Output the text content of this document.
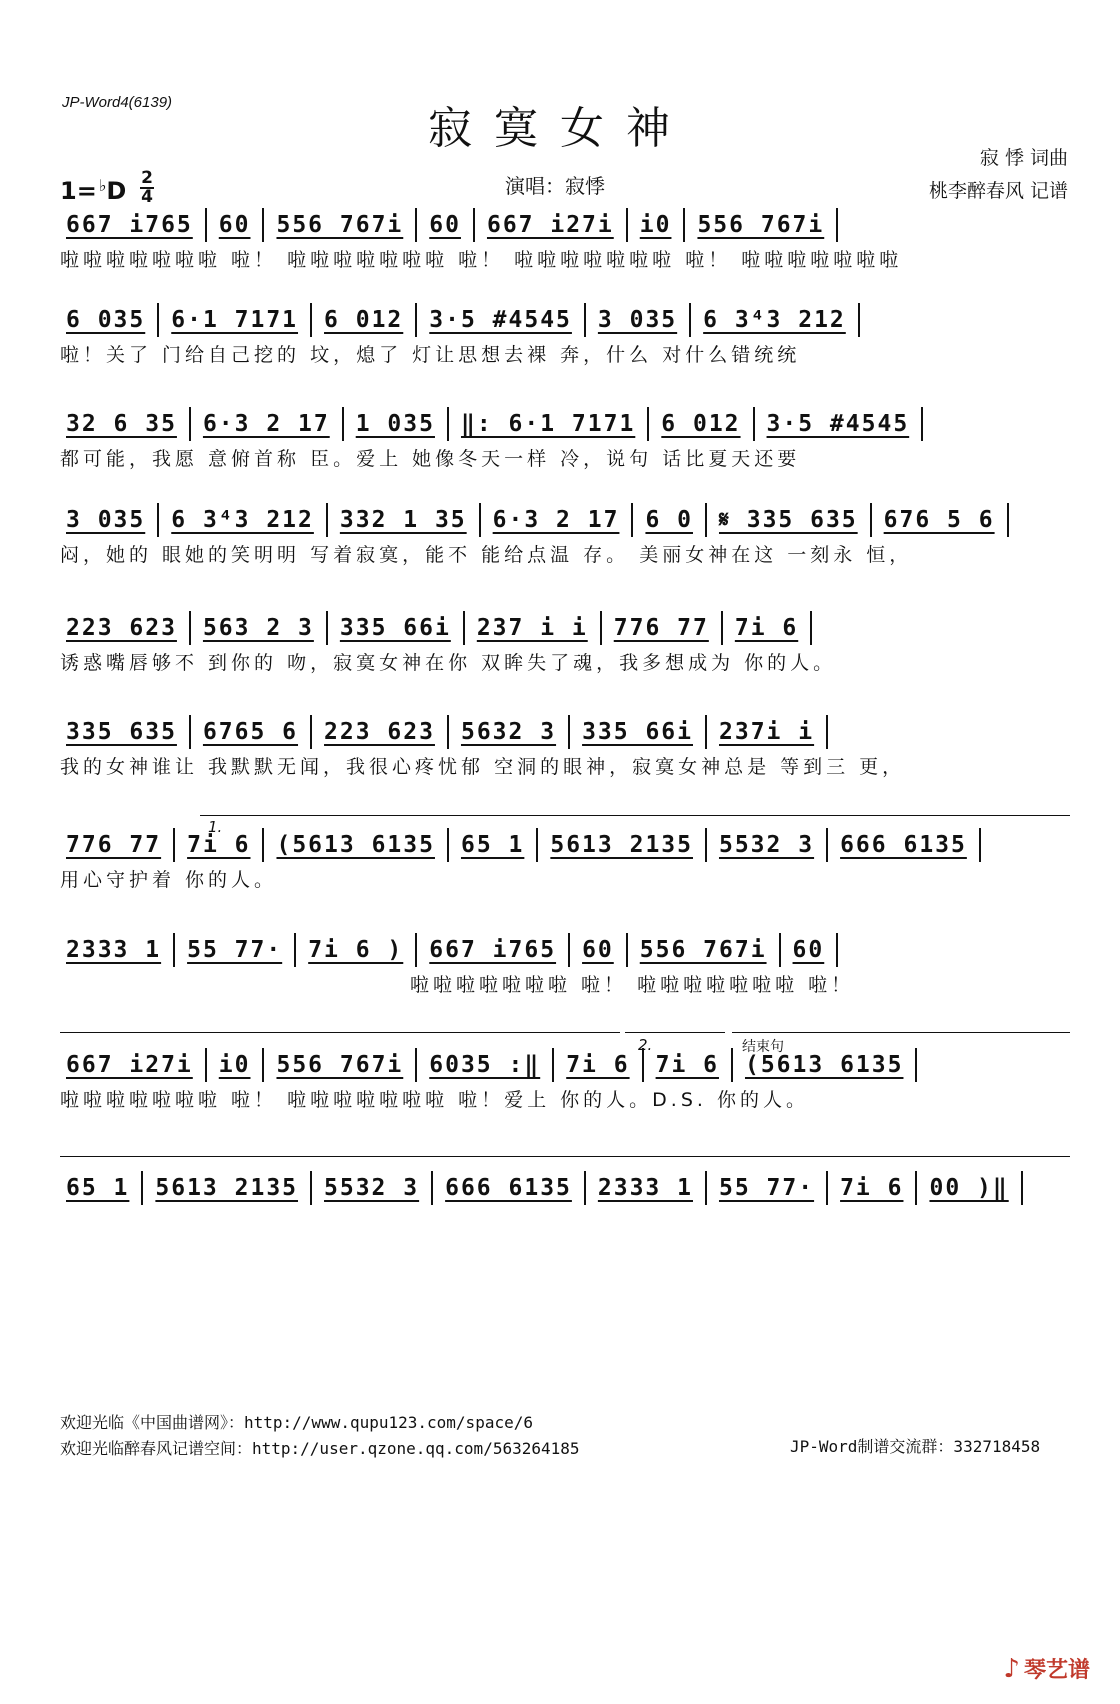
JP-Word4(6139)
寂寞女神
1= ♭D 2
4	演唱：寂悸
寂 悸 词曲
桃李醉春风 记谱
667 i765 60 556 767i 60 667 i27i i0 556 767i
啦啦啦啦啦啦啦 啦！ 啦啦啦啦啦啦啦 啦！ 啦啦啦啦啦啦啦 啦！ 啦啦啦啦啦啦啦
6 035 6·1 7171 6 012 3·5 #4545 3 035 6 3⁴3 212
啦！关了 门给自己挖的 坟，熄了 灯让思想去裸 奔，什么 对什么错统统
32 6 35 6·3 2 17 1 035 ‖: 6·1 7171 6 012 3·5 #4545
都可能，我愿 意俯首称 臣。爱上 她像冬天一样 冷，说句 话比夏天还要
3 035 6 3⁴3 212 332 1 35 6·3 2 17 6 0 𝄋 335 635 676 5 6
闷，她的 眼她的笑明明 写着寂寞，能不 能给点温 存。 美丽女神在这 一刻永 恒，
223 623 563 2 3 335 66i 237 i i 776 77 7i 6
诱惑嘴唇够不 到你的 吻，寂寞女神在你 双眸失了魂，我多想成为 你的人。
335 635 6765 6 223 623 5632 3 335 66i 237i i
我的女神谁让 我默默无闻，我很心疼忧郁 空洞的眼神，寂寞女神总是 等到三 更，
776 77 7i 6 (5613 6135 65 1 5613 2135 5532 3 666 6135
用心守护着 你的人。
2333 1 55 77· 7i 6 ) 667 i765 60 556 767i 60
啦啦啦啦啦啦啦 啦！ 啦啦啦啦啦啦啦 啦！
667 i27i i0 556 767i 6035 :‖ 7i 6 7i 6 (5613 6135
啦啦啦啦啦啦啦 啦！ 啦啦啦啦啦啦啦 啦！爱上 你的人。D.S. 你的人。
65 1 5613 2135 5532 3 666 6135 2333 1 55 77· 7i 6 00 )‖
1.
2.	结束句
欢迎光临《中国曲谱网》：http://www.qupu123.com/space/6
欢迎光临醉春风记谱空间：http://user.qzone.qq.com/563264185	JP-Word制谱交流群：332718458
♪ 琴艺谱
